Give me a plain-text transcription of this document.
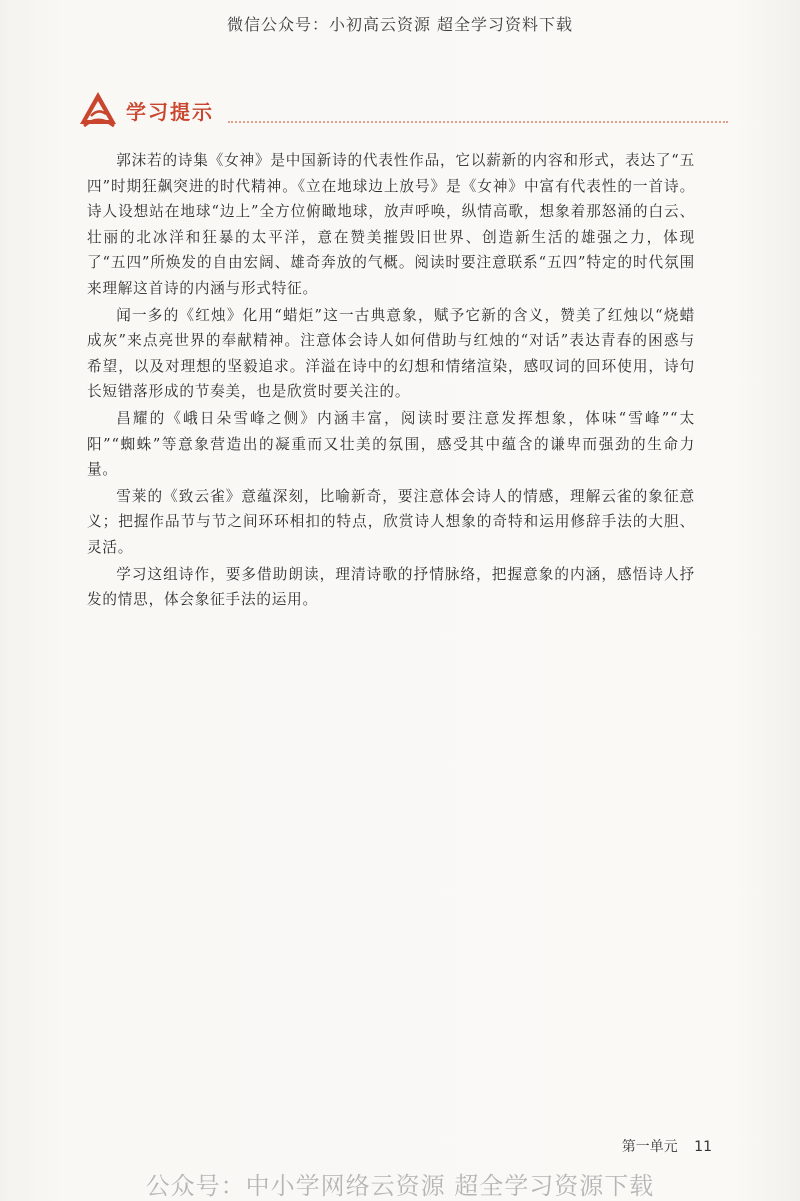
微信公众号：小初高云资源 超全学习资料下载
学习提示

郭沫若的诗集《女神》是中国新诗的代表性作品，它以薪新的内容和形式，表达了“五四”时期狂飙突进的时代精神。《立在地球边上放号》是《女神》中富有代表性的一首诗。诗人设想站在地球“边上”全方位俯瞰地球，放声呼唤，纵情高歌，想象着那怒涌的白云、壮丽的北冰洋和狂暴的太平洋，意在赞美摧毁旧世界、创造新生活的雄强之力，体现了“五四”所焕发的自由宏阔、雄奇奔放的气概。阅读时要注意联系“五四”特定的时代氛围来理解这首诗的内涵与形式特征。

闻一多的《红烛》化用“蜡炬”这一古典意象，赋予它新的含义，赞美了红烛以“烧蜡成灰”来点亮世界的奉献精神。注意体会诗人如何借助与红烛的“对话”表达青春的困惑与希望，以及对理想的坚毅追求。洋溢在诗中的幻想和情绪渲染，感叹词的回环使用，诗句长短错落形成的节奏美，也是欣赏时要关注的。

昌耀的《峨日朵雪峰之侧》内涵丰富，阅读时要注意发挥想象，体味“雪峰”“太阳”“蜘蛛”等意象营造出的凝重而又壮美的氛围，感受其中蕴含的谦卑而强劲的生命力量。

雪莱的《致云雀》意蕴深刻，比喻新奇，要注意体会诗人的情感，理解云雀的象征意义；把握作品节与节之间环环相扣的特点，欣赏诗人想象的奇特和运用修辞手法的大胆、灵活。

学习这组诗作，要多借助朗读，理清诗歌的抒情脉络，把握意象的内涵，感悟诗人抒发的情思，体会象征手法的运用。

第一单元 11
公众号：中小学网络云资源 超全学习资源下载
